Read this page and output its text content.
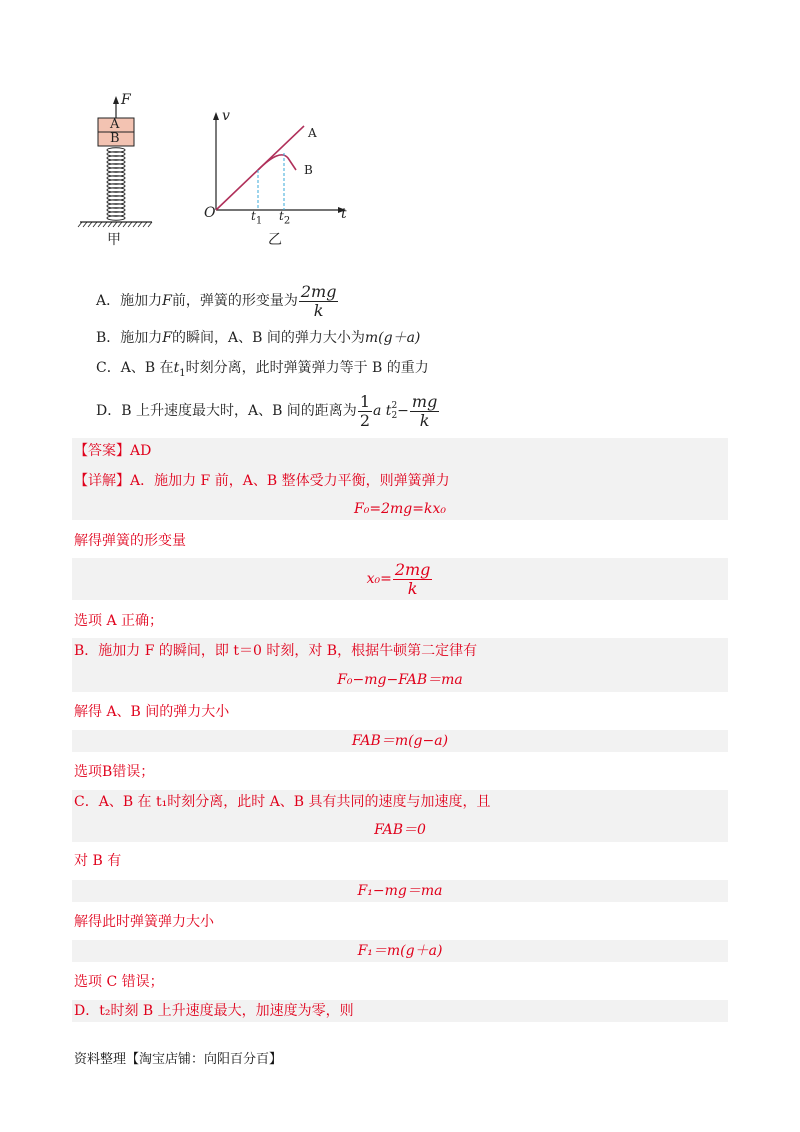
F
A
B
甲
v
t
O
A
B
$t_1$ $t_2$
乙
A．施加力F前，弹簧的形变量为 $\frac{2mg}{k}$
B．施加力F的瞬间，A、B 间的弹力大小为m(g＋a)
C．A、B 在$t_1$时刻分离，此时弹簧弹力等于 B 的重力
D．B 上升速度最大时，A、B 间的距离为 $\frac{1}{2}$ a t 2
$2 - \frac{mg}{k}$
【答案】AD
【详解】A．施加力 F 前，A、B 整体受力平衡，则弹簧弹力
F₀=2mg=kx₀
解得弹簧的形变量
$x_0= \frac{2mg}{k}$
选项 A 正确；
B．施加力 F 的瞬间，即 t＝0 时刻，对 B，根据牛顿第二定律有
F₀−mg−FAB＝ma
解得 A、B 间的弹力大小
FAB＝m(g−a)
选项B错误；
C．A、B 在 t₁时刻分离，此时 A、B 具有共同的速度与加速度，且
FAB＝0
对 B 有
F₁−mg＝ma
解得此时弹簧弹力大小
F₁＝m(g＋a)
选项 C 错误；
D．t₂时刻 B 上升速度最大，加速度为零，则
资料整理【淘宝店铺：向阳百分百】
